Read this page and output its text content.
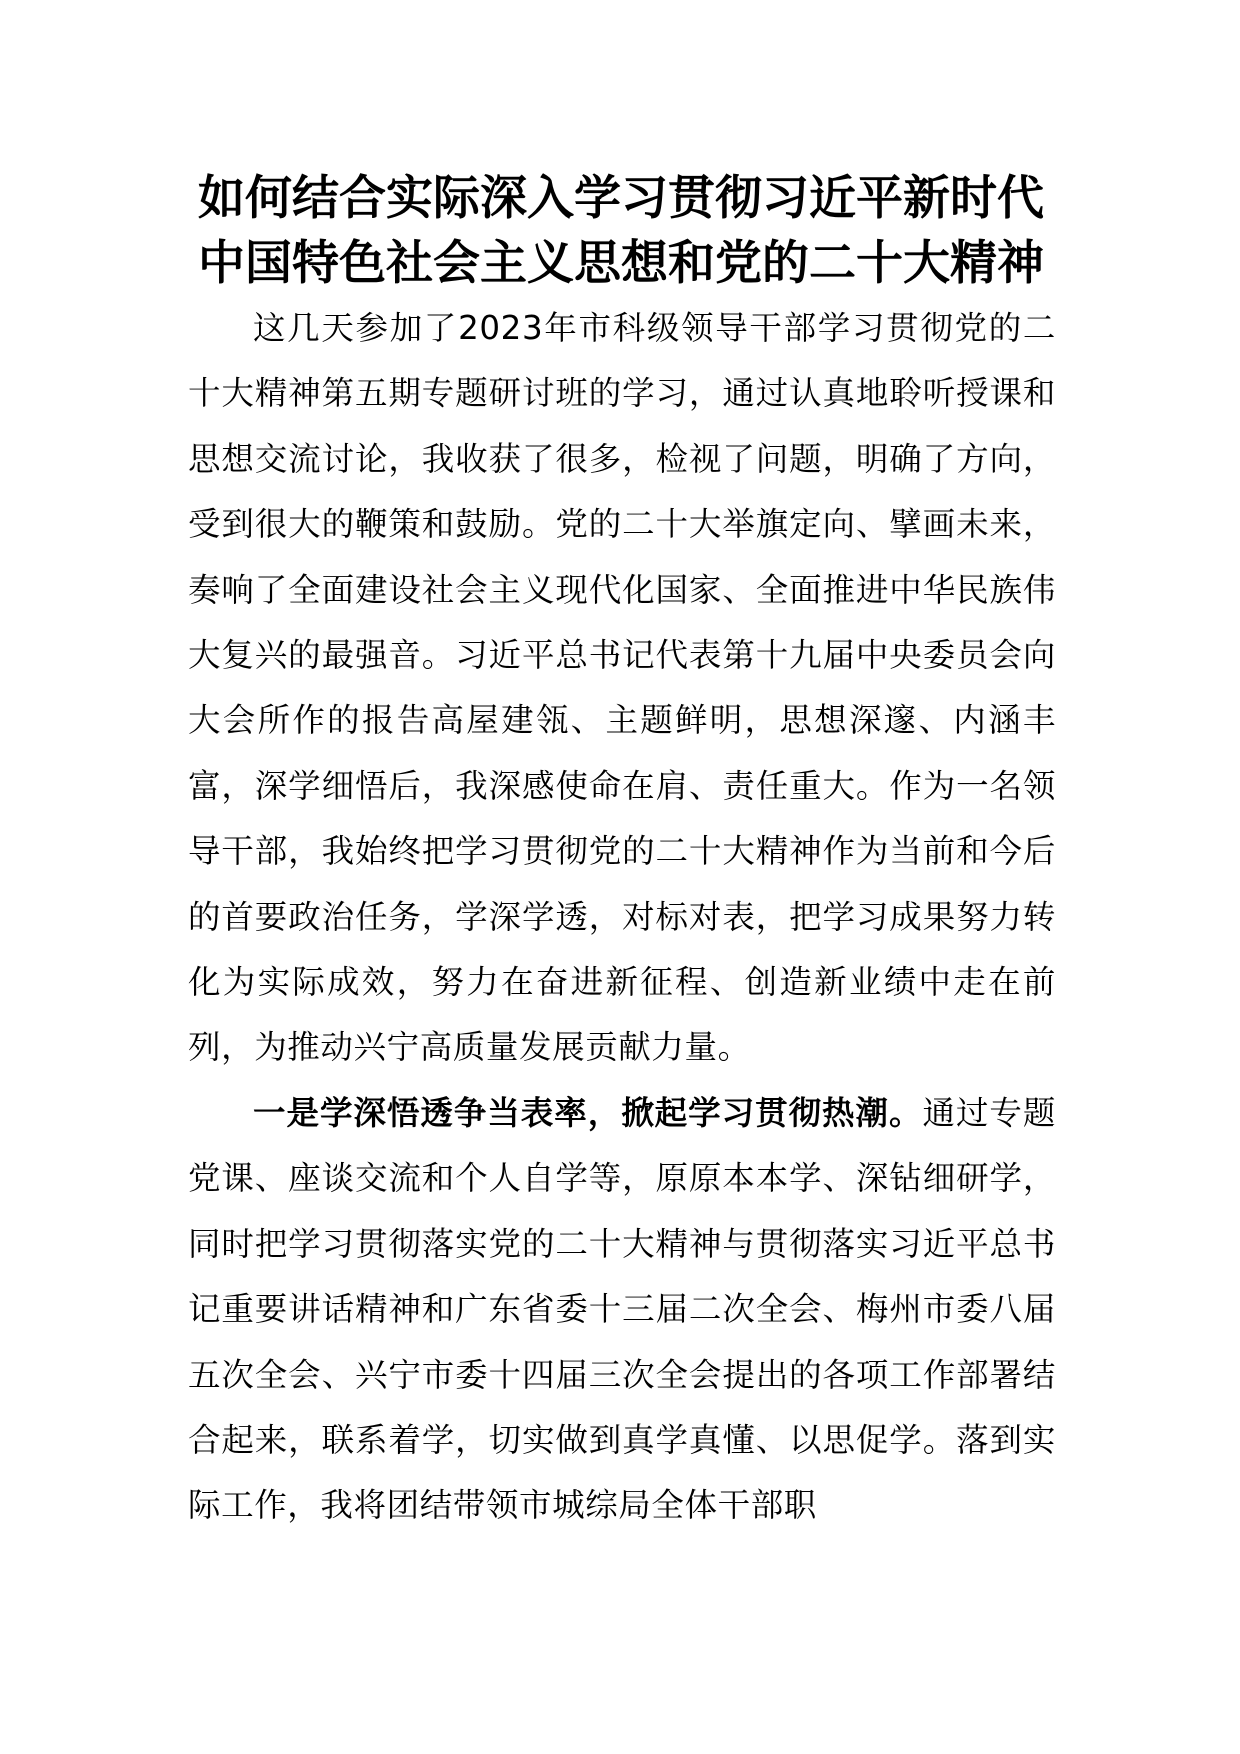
如何结合实际深入学习贯彻习近平新时代
中国特色社会主义思想和党的二十大精神

这几天参加了2023年市科级领导干部学习贯彻党的二十大精神第五期专题研讨班的学习，通过认真地聆听授课和思想交流讨论，我收获了很多，检视了问题，明确了方向，受到很大的鞭策和鼓励。党的二十大举旗定向、擘画未来，奏响了全面建设社会主义现代化国家、全面推进中华民族伟大复兴的最强音。习近平总书记代表第十九届中央委员会向大会所作的报告高屋建瓴、主题鲜明，思想深邃、内涵丰富，深学细悟后，我深感使命在肩、责任重大。作为一名领导干部，我始终把学习贯彻党的二十大精神作为当前和今后的首要政治任务，学深学透，对标对表，把学习成果努力转化为实际成效，努力在奋进新征程、创造新业绩中走在前列，为推动兴宁高质量发展贡献力量。

一是学深悟透争当表率，掀起学习贯彻热潮。通过专题党课、座谈交流和个人自学等，原原本本学、深钻细研学，同时把学习贯彻落实党的二十大精神与贯彻落实习近平总书记重要讲话精神和广东省委十三届二次全会、梅州市委八届五次全会、兴宁市委十四届三次全会提出的各项工作部署结合起来，联系着学，切实做到真学真懂、以思促学。落到实际工作，我将团结带领市城综局全体干部职
